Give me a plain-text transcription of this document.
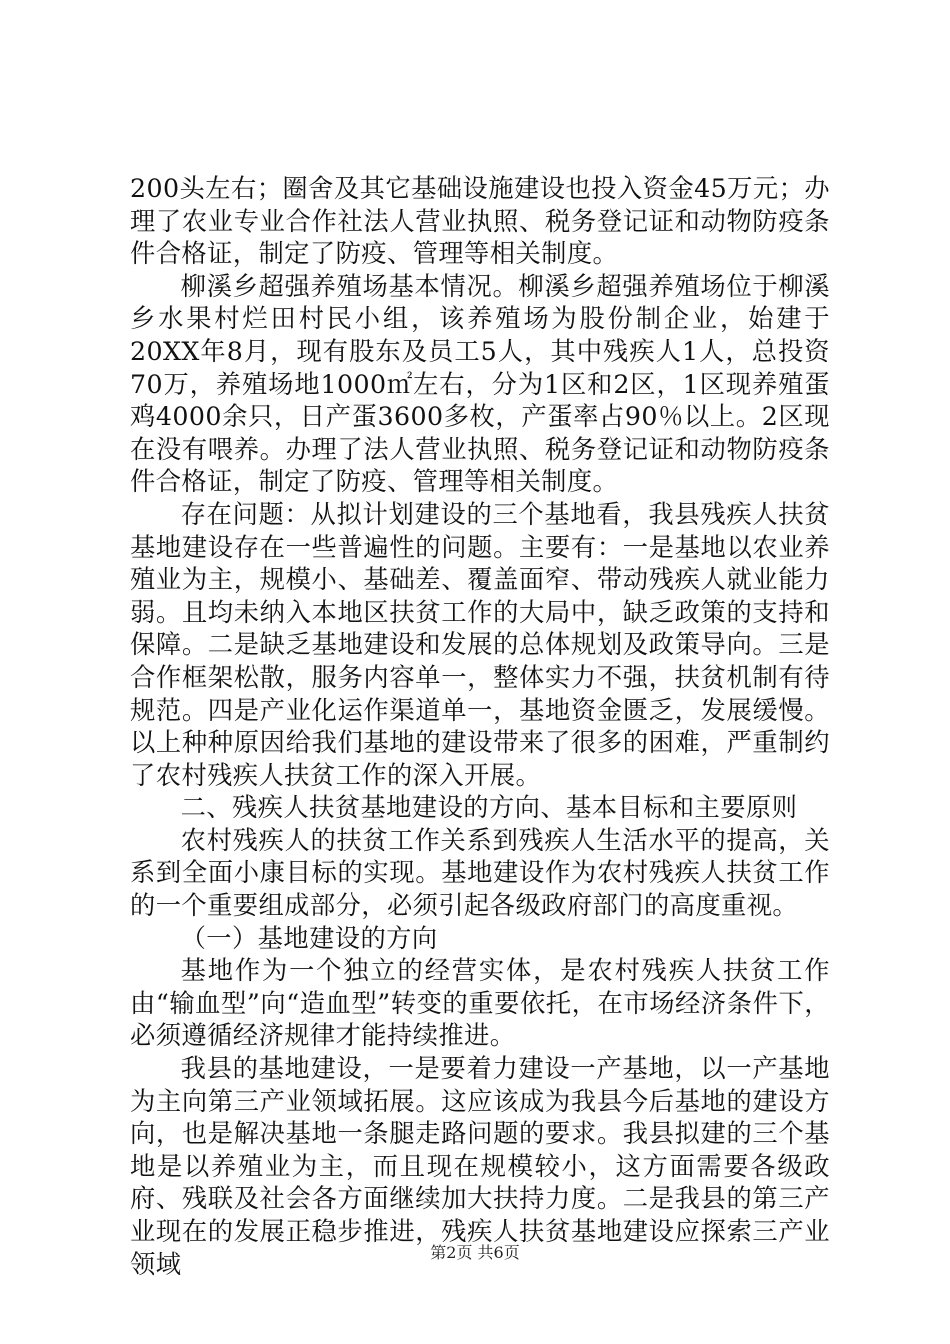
200头左右；圈舍及其它基础设施建设也投入资金45万元；办理了农业专业合作社法人营业执照、税务登记证和动物防疫条件合格证，制定了防疫、管理等相关制度。

柳溪乡超强养殖场基本情况。柳溪乡超强养殖场位于柳溪乡水果村烂田村民小组，该养殖场为股份制企业，始建于20XX年8月，现有股东及员工5人，其中残疾人1人，总投资70万，养殖场地1000㎡左右，分为1区和2区，1区现养殖蛋鸡4000余只，日产蛋3600多枚，产蛋率占90％以上。2区现在没有喂养。办理了法人营业执照、税务登记证和动物防疫条件合格证，制定了防疫、管理等相关制度。

存在问题：从拟计划建设的三个基地看，我县残疾人扶贫基地建设存在一些普遍性的问题。主要有：一是基地以农业养殖业为主，规模小、基础差、覆盖面窄、带动残疾人就业能力弱。且均未纳入本地区扶贫工作的大局中，缺乏政策的支持和保障。二是缺乏基地建设和发展的总体规划及政策导向。三是合作框架松散，服务内容单一，整体实力不强，扶贫机制有待规范。四是产业化运作渠道单一，基地资金匮乏，发展缓慢。以上种种原因给我们基地的建设带来了很多的困难，严重制约了农村残疾人扶贫工作的深入开展。

二、残疾人扶贫基地建设的方向、基本目标和主要原则

农村残疾人的扶贫工作关系到残疾人生活水平的提高，关系到全面小康目标的实现。基地建设作为农村残疾人扶贫工作的一个重要组成部分，必须引起各级政府部门的高度重视。

（一）基地建设的方向

基地作为一个独立的经营实体，是农村残疾人扶贫工作由“输血型”向“造血型”转变的重要依托，在市场经济条件下，必须遵循经济规律才能持续推进。

我县的基地建设，一是要着力建设一产基地，以一产基地为主向第三产业领域拓展。这应该成为我县今后基地的建设方向，也是解决基地一条腿走路问题的要求。我县拟建的三个基地是以养殖业为主，而且现在规模较小，这方面需要各级政府、残联及社会各方面继续加大扶持力度。二是我县的第三产业现在的发展正稳步推进，残疾人扶贫基地建设应探索三产业领域	第2页 共6页
